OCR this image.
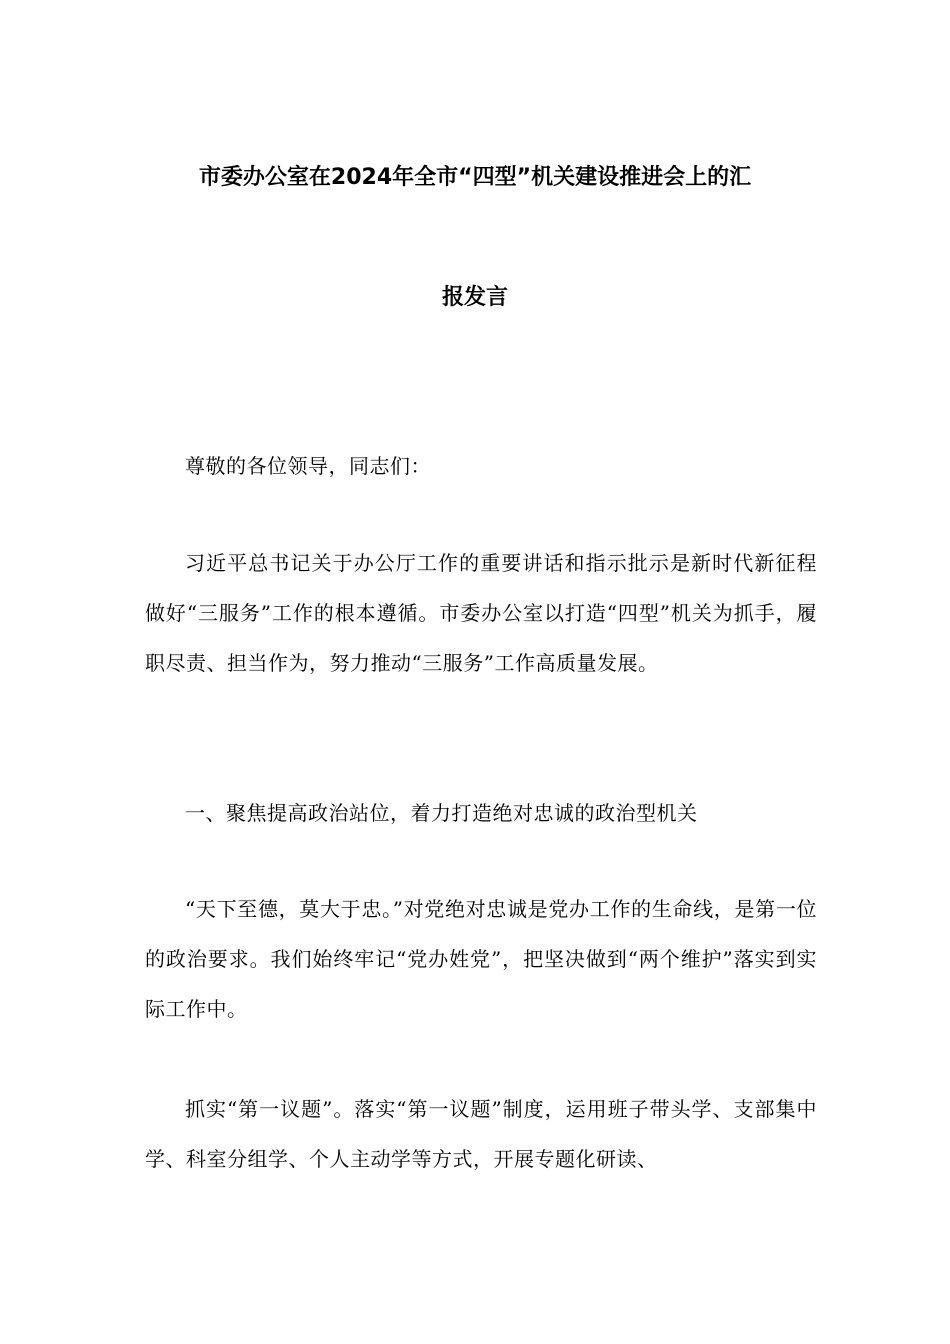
市委办公室在2024年全市“四型”机关建设推进会上的汇
报发言

尊敬的各位领导，同志们：

习近平总书记关于办公厅工作的重要讲话和指示批示是新时代新征程做好“三服务”工作的根本遵循。市委办公室以打造“四型”机关为抓手，履职尽责、担当作为，努力推动“三服务”工作高质量发展。

一、聚焦提高政治站位，着力打造绝对忠诚的政治型机关

“天下至德，莫大于忠。”对党绝对忠诚是党办工作的生命线，是第一位的政治要求。我们始终牢记“党办姓党”，把坚决做到“两个维护”落实到实际工作中。

抓实“第一议题”。落实“第一议题”制度，运用班子带头学、支部集中学、科室分组学、个人主动学等方式，开展专题化研读、
